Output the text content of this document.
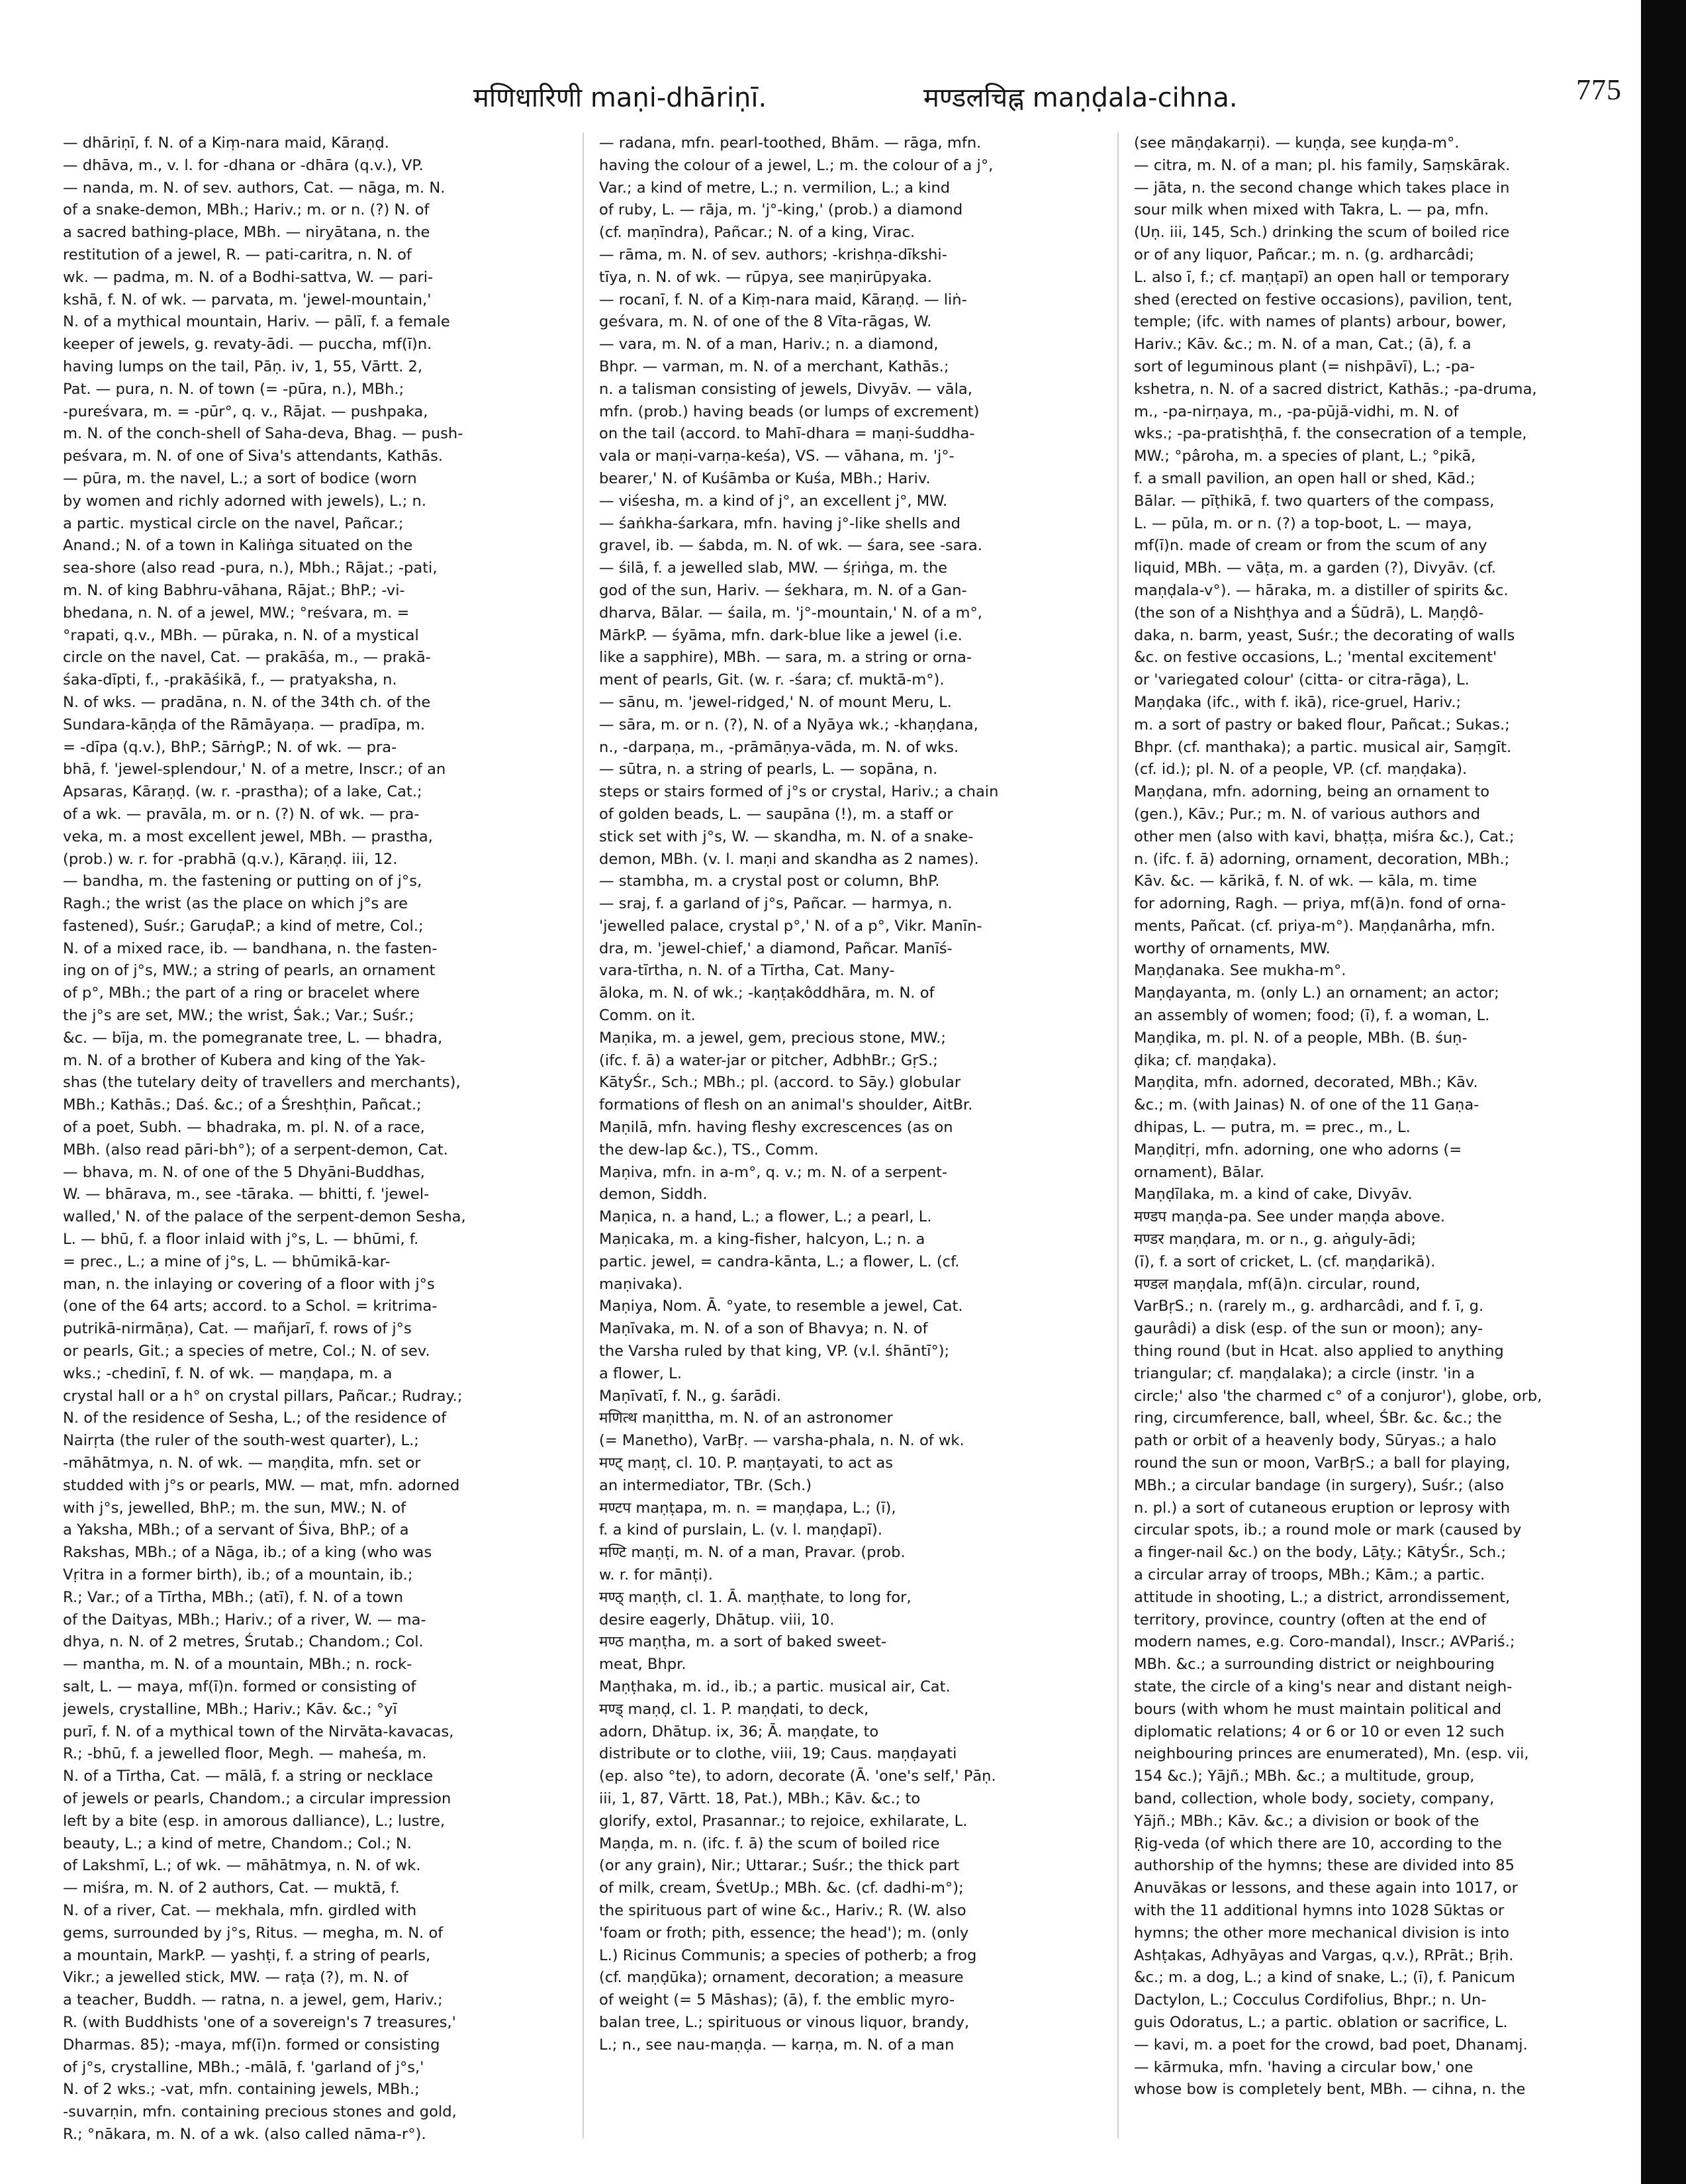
मणिधारिणी maṇi-dhāriṇī.	मण्डलचिह्न maṇḍala-cihna.	775
— dhāriṇī, f. N. of a Kiṃ-nara maid, Kāraṇḍ.
— dhāva, m., v. l. for -dhana or -dhāra (q.v.), VP.
— nanda, m. N. of sev. authors, Cat. — nāga, m. N.
of a snake-demon, MBh.; Hariv.; m. or n. (?) N. of
a sacred bathing-place, MBh. — niryātana, n. the
restitution of a jewel, R. — pati-caritra, n. N. of
wk. — padma, m. N. of a Bodhi-sattva, W. — pari-
kshā, f. N. of wk. — parvata, m. 'jewel-mountain,'
N. of a mythical mountain, Hariv. — pālī, f. a female
keeper of jewels, g. revaty-ādi. — puccha, mf(ī)n.
having lumps on the tail, Pāṇ. iv, 1, 55, Vārtt. 2,
Pat. — pura, n. N. of town (= -pūra, n.), MBh.;
-pureśvara, m. = -pūr°, q. v., Rājat. — pushpaka,
m. N. of the conch-shell of Saha-deva, Bhag. — push-
peśvara, m. N. of one of Siva's attendants, Kathās.
— pūra, m. the navel, L.; a sort of bodice (worn
by women and richly adorned with jewels), L.; n.
a partic. mystical circle on the navel, Pañcar.;
Anand.; N. of a town in Kaliṅga situated on the
sea-shore (also read -pura, n.), Mbh.; Rājat.; -pati,
m. N. of king Babhru-vāhana, Rājat.; BhP.; -vi-
bhedana, n. N. of a jewel, MW.; °reśvara, m. =
°rapati, q.v., MBh. — pūraka, n. N. of a mystical
circle on the navel, Cat. — prakāśa, m., — prakā-
śaka-dīpti, f., -prakāśikā, f., — pratyaksha, n.
N. of wks. — pradāna, n. N. of the 34th ch. of the
Sundara-kāṇḍa of the Rāmāyaṇa. — pradīpa, m.
= -dīpa (q.v.), BhP.; SārṅgP.; N. of wk. — pra-
bhā, f. 'jewel-splendour,' N. of a metre, Inscr.; of an
Apsaras, Kāraṇḍ. (w. r. -prastha); of a lake, Cat.;
of a wk. — pravāla, m. or n. (?) N. of wk. — pra-
veka, m. a most excellent jewel, MBh. — prastha,
(prob.) w. r. for -prabhā (q.v.), Kāraṇḍ. iii, 12.
— bandha, m. the fastening or putting on of j°s,
Ragh.; the wrist (as the place on which j°s are
fastened), Suśr.; GaruḍaP.; a kind of metre, Col.;
N. of a mixed race, ib. — bandhana, n. the fasten-
ing on of j°s, MW.; a string of pearls, an ornament
of p°, MBh.; the part of a ring or bracelet where
the j°s are set, MW.; the wrist, Śak.; Var.; Suśr.;
&c. — bīja, m. the pomegranate tree, L. — bhadra,
m. N. of a brother of Kubera and king of the Yak-
shas (the tutelary deity of travellers and merchants),
MBh.; Kathās.; Daś. &c.; of a Śreshṭhin, Pañcat.;
of a poet, Subh. — bhadraka, m. pl. N. of a race,
MBh. (also read pāri-bh°); of a serpent-demon, Cat.
— bhava, m. N. of one of the 5 Dhyāni-Buddhas,
W. — bhārava, m., see -tāraka. — bhitti, f. 'jewel-
walled,' N. of the palace of the serpent-demon Sesha,
L. — bhū, f. a floor inlaid with j°s, L. — bhūmi, f.
= prec., L.; a mine of j°s, L. — bhūmikā-kar-
man, n. the inlaying or covering of a floor with j°s
(one of the 64 arts; accord. to a Schol. = kritrima-
putrikā-nirmāṇa), Cat. — mañjarī, f. rows of j°s
or pearls, Git.; a species of metre, Col.; N. of sev.
wks.; -chedinī, f. N. of wk. — maṇḍapa, m. a
crystal hall or a h° on crystal pillars, Pañcar.; Rudray.;
N. of the residence of Sesha, L.; of the residence of
Nairṛta (the ruler of the south-west quarter), L.;
-māhātmya, n. N. of wk. — maṇḍita, mfn. set or
studded with j°s or pearls, MW. — mat, mfn. adorned
with j°s, jewelled, BhP.; m. the sun, MW.; N. of
a Yaksha, MBh.; of a servant of Śiva, BhP.; of a
Rakshas, MBh.; of a Nāga, ib.; of a king (who was
Vṛitra in a former birth), ib.; of a mountain, ib.;
R.; Var.; of a Tīrtha, MBh.; (atī), f. N. of a town
of the Daityas, MBh.; Hariv.; of a river, W. — ma-
dhya, n. N. of 2 metres, Śrutab.; Chandom.; Col.
— mantha, m. N. of a mountain, MBh.; n. rock-
salt, L. — maya, mf(ī)n. formed or consisting of
jewels, crystalline, MBh.; Hariv.; Kāv. &c.; °yī
purī, f. N. of a mythical town of the Nirvāta-kavacas,
R.; -bhū, f. a jewelled floor, Megh. — maheśa, m.
N. of a Tīrtha, Cat. — mālā, f. a string or necklace
of jewels or pearls, Chandom.; a circular impression
left by a bite (esp. in amorous dalliance), L.; lustre,
beauty, L.; a kind of metre, Chandom.; Col.; N.
of Lakshmī, L.; of wk. — māhātmya, n. N. of wk.
— miśra, m. N. of 2 authors, Cat. — muktā, f.
N. of a river, Cat. — mekhala, mfn. girdled with
gems, surrounded by j°s, Ritus. — megha, m. N. of
a mountain, MarkP. — yashṭi, f. a string of pearls,
Vikr.; a jewelled stick, MW. — raṭa (?), m. N. of
a teacher, Buddh. — ratna, n. a jewel, gem, Hariv.;
R. (with Buddhists 'one of a sovereign's 7 treasures,'
Dharmas. 85); -maya, mf(ī)n. formed or consisting
of j°s, crystalline, MBh.; -mālā, f. 'garland of j°s,'
N. of 2 wks.; -vat, mfn. containing jewels, MBh.;
-suvarṇin, mfn. containing precious stones and gold,
R.; °nākara, m. N. of a wk. (also called nāma-r°).
— radana, mfn. pearl-toothed, Bhām. — rāga, mfn.
having the colour of a jewel, L.; m. the colour of a j°,
Var.; a kind of metre, L.; n. vermilion, L.; a kind
of ruby, L. — rāja, m. 'j°-king,' (prob.) a diamond
(cf. maṇīndra), Pañcar.; N. of a king, Virac.
— rāma, m. N. of sev. authors; -krishṇa-dīkshi-
tīya, n. N. of wk. — rūpya, see maṇirūpyaka.
— rocanī, f. N. of a Kiṃ-nara maid, Kāraṇḍ. — liṅ-
geśvara, m. N. of one of the 8 Vīta-rāgas, W.
— vara, m. N. of a man, Hariv.; n. a diamond,
Bhpr. — varman, m. N. of a merchant, Kathās.;
n. a talisman consisting of jewels, Divyāv. — vāla,
mfn. (prob.) having beads (or lumps of excrement)
on the tail (accord. to Mahī-dhara = maṇi-śuddha-
vala or maṇi-varṇa-keśa), VS. — vāhana, m. 'j°-
bearer,' N. of Kuśāmba or Kuśa, MBh.; Hariv.
— viśesha, m. a kind of j°, an excellent j°, MW.
— śaṅkha-śarkara, mfn. having j°-like shells and
gravel, ib. — śabda, m. N. of wk. — śara, see -sara.
— śilā, f. a jewelled slab, MW. — śṛiṅga, m. the
god of the sun, Hariv. — śekhara, m. N. of a Gan-
dharva, Bālar. — śaila, m. 'j°-mountain,' N. of a m°,
MārkP. — śyāma, mfn. dark-blue like a jewel (i.e.
like a sapphire), MBh. — sara, m. a string or orna-
ment of pearls, Git. (w. r. -śara; cf. muktā-m°).
— sānu, m. 'jewel-ridged,' N. of mount Meru, L.
— sāra, m. or n. (?), N. of a Nyāya wk.; -khaṇḍana,
n., -darpaṇa, m., -prāmāṇya-vāda, m. N. of wks.
— sūtra, n. a string of pearls, L. — sopāna, n.
steps or stairs formed of j°s or crystal, Hariv.; a chain
of golden beads, L. — saupāna (!), m. a staff or
stick set with j°s, W. — skandha, m. N. of a snake-
demon, MBh. (v. l. maṇi and skandha as 2 names).
— stambha, m. a crystal post or column, BhP.
— sraj, f. a garland of j°s, Pañcar. — harmya, n.
'jewelled palace, crystal p°,' N. of a p°, Vikr. Manīn-
dra, m. 'jewel-chief,' a diamond, Pañcar. Manīś-
vara-tīrtha, n. N. of a Tīrtha, Cat. Many-
āloka, m. N. of wk.; -kaṇṭakôddhāra, m. N. of
Comm. on it.
Maṇika, m. a jewel, gem, precious stone, MW.;
(ifc. f. ā) a water-jar or pitcher, AdbhBr.; GṛS.;
KātyŚr., Sch.; MBh.; pl. (accord. to Sāy.) globular
formations of flesh on an animal's shoulder, AitBr.
Maṇilā, mfn. having fleshy excrescences (as on
the dew-lap &c.), TS., Comm.
Maṇiva, mfn. in a-m°, q. v.; m. N. of a serpent-
demon, Siddh.
Maṇica, n. a hand, L.; a flower, L.; a pearl, L.
Maṇicaka, m. a king-fisher, halcyon, L.; n. a
partic. jewel, = candra-kānta, L.; a flower, L. (cf.
maṇivaka).
Maṇiya, Nom. Ā. °yate, to resemble a jewel, Cat.
Maṇīvaka, m. N. of a son of Bhavya; n. N. of
the Varsha ruled by that king, VP. (v.l. śhāntī°);
a flower, L.
Maṇīvatī, f. N., g. śarādi.
मणित्थ maṇittha, m. N. of an astronomer
(= Manetho), VarBṛ. — varsha-phala, n. N. of wk.
मण्ट् maṇṭ, cl. 10. P. maṇṭayati, to act as
an intermediator, TBr. (Sch.)
मण्टप maṇṭapa, m. n. = maṇḍapa, L.; (ī),
f. a kind of purslain, L. (v. l. maṇḍapī).
मण्टि maṇṭi, m. N. of a man, Pravar. (prob.
w. r. for mānṭi).
मण्ठ् maṇṭh, cl. 1. Ā. maṇṭhate, to long for,
desire eagerly, Dhātup. viii, 10.
मण्ठ maṇṭha, m. a sort of baked sweet-
meat, Bhpr.
Maṇṭhaka, m. id., ib.; a partic. musical air, Cat.
मण्ड् maṇḍ, cl. 1. P. maṇḍati, to deck,
adorn, Dhātup. ix, 36; Ā. maṇḍate, to
distribute or to clothe, viii, 19; Caus. maṇḍayati
(ep. also °te), to adorn, decorate (Ā. 'one's self,' Pāṇ.
iii, 1, 87, Vārtt. 18, Pat.), MBh.; Kāv. &c.; to
glorify, extol, Prasannar.; to rejoice, exhilarate, L.
Maṇḍa, m. n. (ifc. f. ā) the scum of boiled rice
(or any grain), Nir.; Uttarar.; Suśr.; the thick part
of milk, cream, ŚvetUp.; MBh. &c. (cf. dadhi-m°);
the spirituous part of wine &c., Hariv.; R. (W. also
'foam or froth; pith, essence; the head'); m. (only
L.) Ricinus Communis; a species of potherb; a frog
(cf. maṇḍūka); ornament, decoration; a measure
of weight (= 5 Māshas); (ā), f. the emblic myro-
balan tree, L.; spirituous or vinous liquor, brandy,
L.; n., see nau-maṇḍa. — karṇa, m. N. of a man
(see māṇḍakarṇi). — kuṇḍa, see kuṇḍa-m°.
— citra, m. N. of a man; pl. his family, Saṃskārak.
— jāta, n. the second change which takes place in
sour milk when mixed with Takra, L. — pa, mfn.
(Uṇ. iii, 145, Sch.) drinking the scum of boiled rice
or of any liquor, Pañcar.; m. n. (g. ardharcâdi;
L. also ī, f.; cf. maṇṭapī) an open hall or temporary
shed (erected on festive occasions), pavilion, tent,
temple; (ifc. with names of plants) arbour, bower,
Hariv.; Kāv. &c.; m. N. of a man, Cat.; (ā), f. a
sort of leguminous plant (= nishpāvī), L.; -pa-
kshetra, n. N. of a sacred district, Kathās.; -pa-druma,
m., -pa-nirṇaya, m., -pa-pūjā-vidhi, m. N. of
wks.; -pa-pratishṭhā, f. the consecration of a temple,
MW.; °pâroha, m. a species of plant, L.; °pikā,
f. a small pavilion, an open hall or shed, Kād.;
Bālar. — pīṭhikā, f. two quarters of the compass,
L. — pūla, m. or n. (?) a top-boot, L. — maya,
mf(ī)n. made of cream or from the scum of any
liquid, MBh. — vāṭa, m. a garden (?), Divyāv. (cf.
maṇḍala-v°). — hāraka, m. a distiller of spirits &c.
(the son of a Nishṭhya and a Śūdrā), L. Maṇḍô-
daka, n. barm, yeast, Suśr.; the decorating of walls
&c. on festive occasions, L.; 'mental excitement'
or 'variegated colour' (citta- or citra-rāga), L.
Maṇḍaka (ifc., with f. ikā), rice-gruel, Hariv.;
m. a sort of pastry or baked flour, Pañcat.; Sukas.;
Bhpr. (cf. manthaka); a partic. musical air, Saṃgīt.
(cf. id.); pl. N. of a people, VP. (cf. maṇḍaka).
Maṇḍana, mfn. adorning, being an ornament to
(gen.), Kāv.; Pur.; m. N. of various authors and
other men (also with kavi, bhaṭṭa, miśra &c.), Cat.;
n. (ifc. f. ā) adorning, ornament, decoration, MBh.;
Kāv. &c. — kārikā, f. N. of wk. — kāla, m. time
for adorning, Ragh. — priya, mf(ā)n. fond of orna-
ments, Pañcat. (cf. priya-m°). Maṇḍanârha, mfn.
worthy of ornaments, MW.
Maṇḍanaka. See mukha-m°.
Maṇḍayanta, m. (only L.) an ornament; an actor;
an assembly of women; food; (ī), f. a woman, L.
Maṇḍika, m. pl. N. of a people, MBh. (B. śuṇ-
ḍika; cf. maṇḍaka).
Maṇḍita, mfn. adorned, decorated, MBh.; Kāv.
&c.; m. (with Jainas) N. of one of the 11 Gaṇa-
dhipas, L. — putra, m. = prec., m., L.
Maṇḍitṛi, mfn. adorning, one who adorns (=
ornament), Bālar.
Maṇḍīlaka, m. a kind of cake, Divyāv.
मण्डप maṇḍa-pa. See under maṇḍa above.
मण्डर maṇḍara, m. or n., g. aṅguly-ādi;
(ī), f. a sort of cricket, L. (cf. maṇḍarikā).
मण्डल maṇḍala, mf(ā)n. circular, round,
VarBṛS.; n. (rarely m., g. ardharcâdi, and f. ī, g.
gaurâdi) a disk (esp. of the sun or moon); any-
thing round (but in Hcat. also applied to anything
triangular; cf. maṇḍalaka); a circle (instr. 'in a
circle;' also 'the charmed c° of a conjuror'), globe, orb,
ring, circumference, ball, wheel, ŚBr. &c. &c.; the
path or orbit of a heavenly body, Sūryas.; a halo
round the sun or moon, VarBṛS.; a ball for playing,
MBh.; a circular bandage (in surgery), Suśr.; (also
n. pl.) a sort of cutaneous eruption or leprosy with
circular spots, ib.; a round mole or mark (caused by
a finger-nail &c.) on the body, Lāṭy.; KātyŚr., Sch.;
a circular array of troops, MBh.; Kām.; a partic.
attitude in shooting, L.; a district, arrondissement,
territory, province, country (often at the end of
modern names, e.g. Coro-mandal), Inscr.; AVPariś.;
MBh. &c.; a surrounding district or neighbouring
state, the circle of a king's near and distant neigh-
bours (with whom he must maintain political and
diplomatic relations; 4 or 6 or 10 or even 12 such
neighbouring princes are enumerated), Mn. (esp. vii,
154 &c.); Yājñ.; MBh. &c.; a multitude, group,
band, collection, whole body, society, company,
Yājñ.; MBh.; Kāv. &c.; a division or book of the
Ṛig-veda (of which there are 10, according to the
authorship of the hymns; these are divided into 85
Anuvākas or lessons, and these again into 1017, or
with the 11 additional hymns into 1028 Sūktas or
hymns; the other more mechanical division is into
Ashṭakas, Adhyāyas and Vargas, q.v.), RPrāt.; Bṛih.
&c.; m. a dog, L.; a kind of snake, L.; (ī), f. Panicum
Dactylon, L.; Cocculus Cordifolius, Bhpr.; n. Un-
guis Odoratus, L.; a partic. oblation or sacrifice, L.
— kavi, m. a poet for the crowd, bad poet, Dhanamj.
— kārmuka, mfn. 'having a circular bow,' one
whose bow is completely bent, MBh. — cihna, n. the
